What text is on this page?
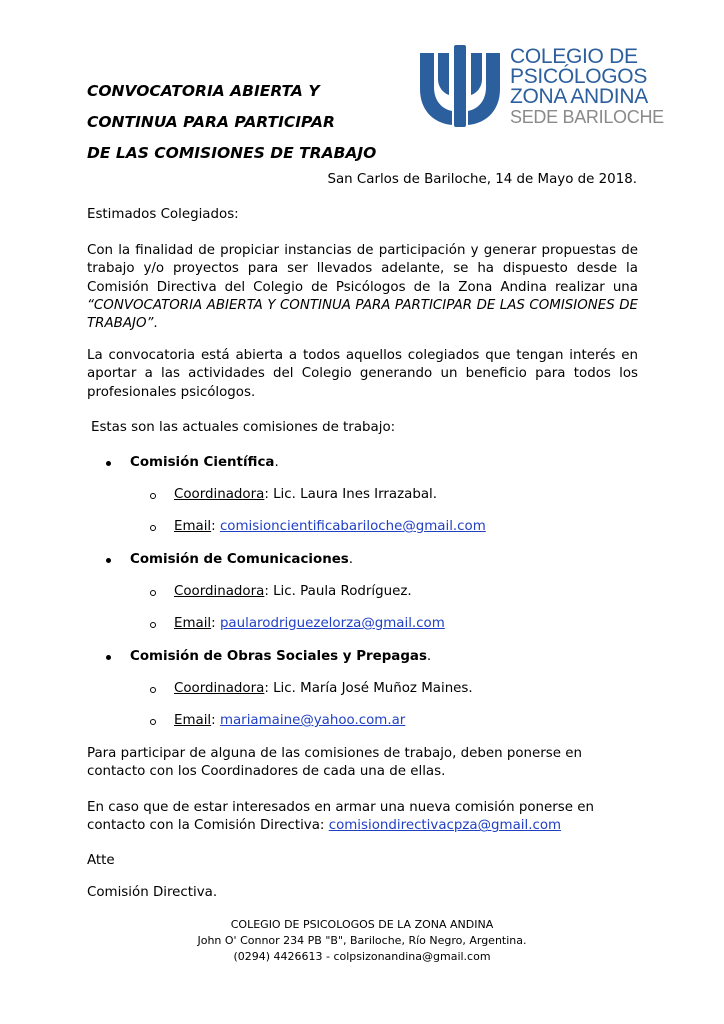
CONVOCATORIA ABIERTA Y
CONTINUA PARA PARTICIPAR
DE LAS COMISIONES DE TRABAJO
COLEGIO DE
PSICÓLOGOS
ZONA ANDINA
SEDE BARILOCHE
San Carlos de Bariloche, 14 de Mayo de 2018.
Estimados Colegiados:
Con la finalidad de propiciar instancias de participación y generar propuestas de trabajo y/o proyectos para ser llevados adelante, se ha dispuesto desde la Comisión Directiva del Colegio de Psicólogos de la Zona Andina realizar una “CONVOCATORIA ABIERTA Y CONTINUA PARA PARTICIPAR DE LAS COMISIONES DE TRABAJO”.
La convocatoria está abierta a todos aquellos colegiados que tengan interés en aportar a las actividades del Colegio generando un beneficio para todos los profesionales psicólogos.
Estas son las actuales comisiones de trabajo:
Comisión Científica.
Coordinadora: Lic. Laura Ines Irrazabal.
Email: comisioncientificabariloche@gmail.com
Comisión de Comunicaciones.
Coordinadora: Lic. Paula Rodríguez.
Email: paularodriguezelorza@gmail.com
Comisión de Obras Sociales y Prepagas.
Coordinadora: Lic. María José Muñoz Maines.
Email: mariamaine@yahoo.com.ar
Para participar de alguna de las comisiones de trabajo, deben ponerse en contacto con los Coordinadores de cada una de ellas.
En caso que de estar interesados en armar una nueva comisión ponerse en contacto con la Comisión Directiva: comisiondirectivacpza@gmail.com
Atte
Comisión Directiva.
COLEGIO DE PSICOLOGOS DE LA ZONA ANDINA
John O' Connor 234 PB "B", Bariloche, Río Negro, Argentina.
(0294) 4426613 - colpsizonandina@gmail.com
